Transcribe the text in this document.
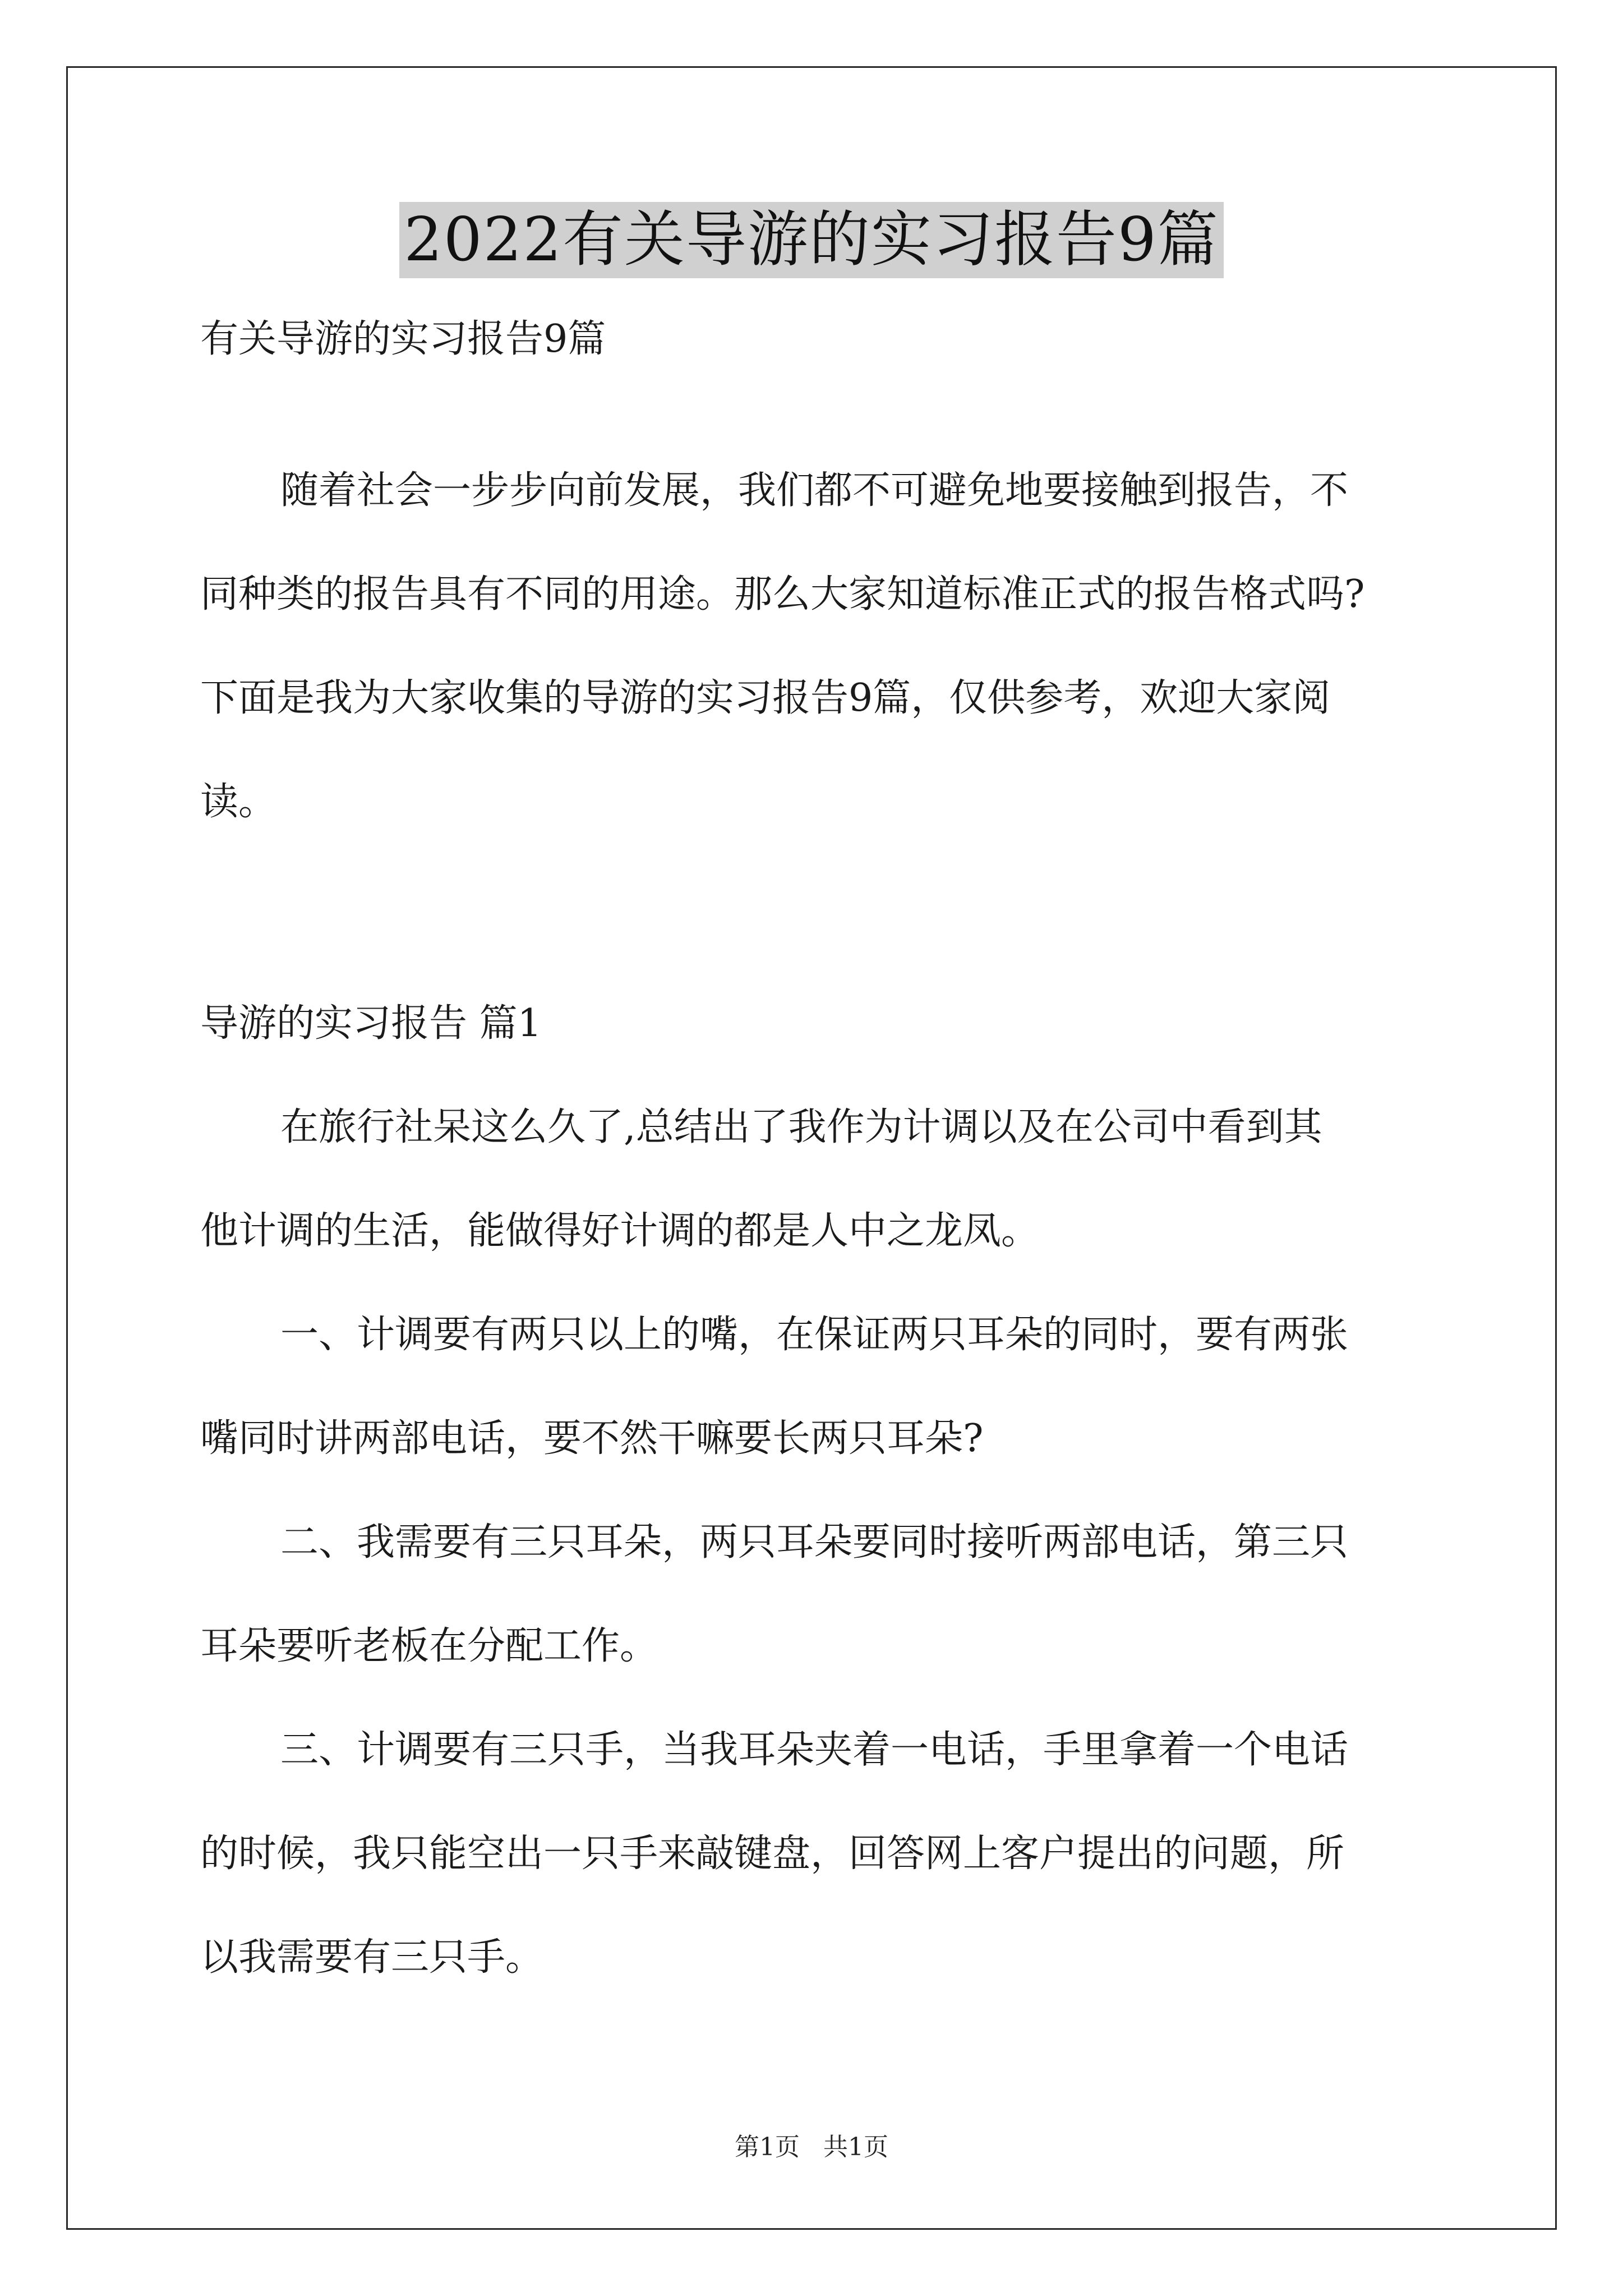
2022有关导游的实习报告9篇
有关导游的实习报告9篇
随着社会一步步向前发展，我们都不可避免地要接触到报告，不
同种类的报告具有不同的用途。那么大家知道标准正式的报告格式吗?
下面是我为大家收集的导游的实习报告9篇，仅供参考，欢迎大家阅
读。
导游的实习报告 篇1
在旅行社呆这么久了,总结出了我作为计调以及在公司中看到其
他计调的生活，能做得好计调的都是人中之龙凤。
一、计调要有两只以上的嘴，在保证两只耳朵的同时，要有两张
嘴同时讲两部电话，要不然干嘛要长两只耳朵?
二、我需要有三只耳朵，两只耳朵要同时接听两部电话，第三只
耳朵要听老板在分配工作。
三、计调要有三只手，当我耳朵夹着一电话，手里拿着一个电话
的时候，我只能空出一只手来敲键盘，回答网上客户提出的问题，所
以我需要有三只手。
第1页 共1页
